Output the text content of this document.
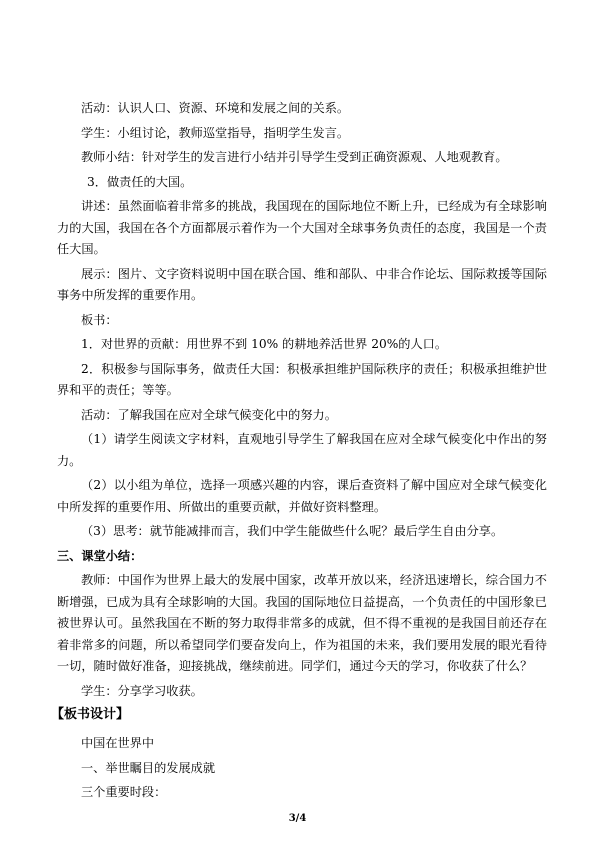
活动：认识人口、资源、环境和发展之间的关系。

学生：小组讨论，教师巡堂指导，指明学生发言。

教师小结：针对学生的发言进行小结并引导学生受到正确资源观、人地观教育。

3．做责任的大国。

讲述：虽然面临着非常多的挑战，我国现在的国际地位不断上升，已经成为有全球影响力的大国，我国在各个方面都展示着作为一个大国对全球事务负责任的态度，我国是一个责任大国。

展示：图片、文字资料说明中国在联合国、维和部队、中非合作论坛、国际救援等国际事务中所发挥的重要作用。

板书：

1．对世界的贡献：用世界不到 10% 的耕地养活世界 20%的人口。

2．积极参与国际事务，做责任大国：积极承担维护国际秩序的责任；积极承担维护世界和平的责任；等等。

活动：了解我国在应对全球气候变化中的努力。

（1）请学生阅读文字材料，直观地引导学生了解我国在应对全球气候变化中作出的努力。

（2）以小组为单位，选择一项感兴趣的内容，课后查资料了解中国应对全球气候变化中所发挥的重要作用、所做出的重要贡献，并做好资料整理。

（3）思考：就节能减排而言，我们中学生能做些什么呢？最后学生自由分享。

三、课堂小结：

教师：中国作为世界上最大的发展中国家，改革开放以来，经济迅速增长，综合国力不断增强，已成为具有全球影响的大国。我国的国际地位日益提高，一个负责任的中国形象已被世界认可。虽然我国在不断的努力取得非常多的成就，但不得不重视的是我国目前还存在着非常多的问题，所以希望同学们要奋发向上，作为祖国的未来，我们要用发展的眼光看待一切，随时做好准备，迎接挑战，继续前进。同学们，通过今天的学习，你收获了什么？

学生：分享学习收获。

【板书设计】

中国在世界中

一、举世瞩目的发展成就

三个重要时段：

3/4
